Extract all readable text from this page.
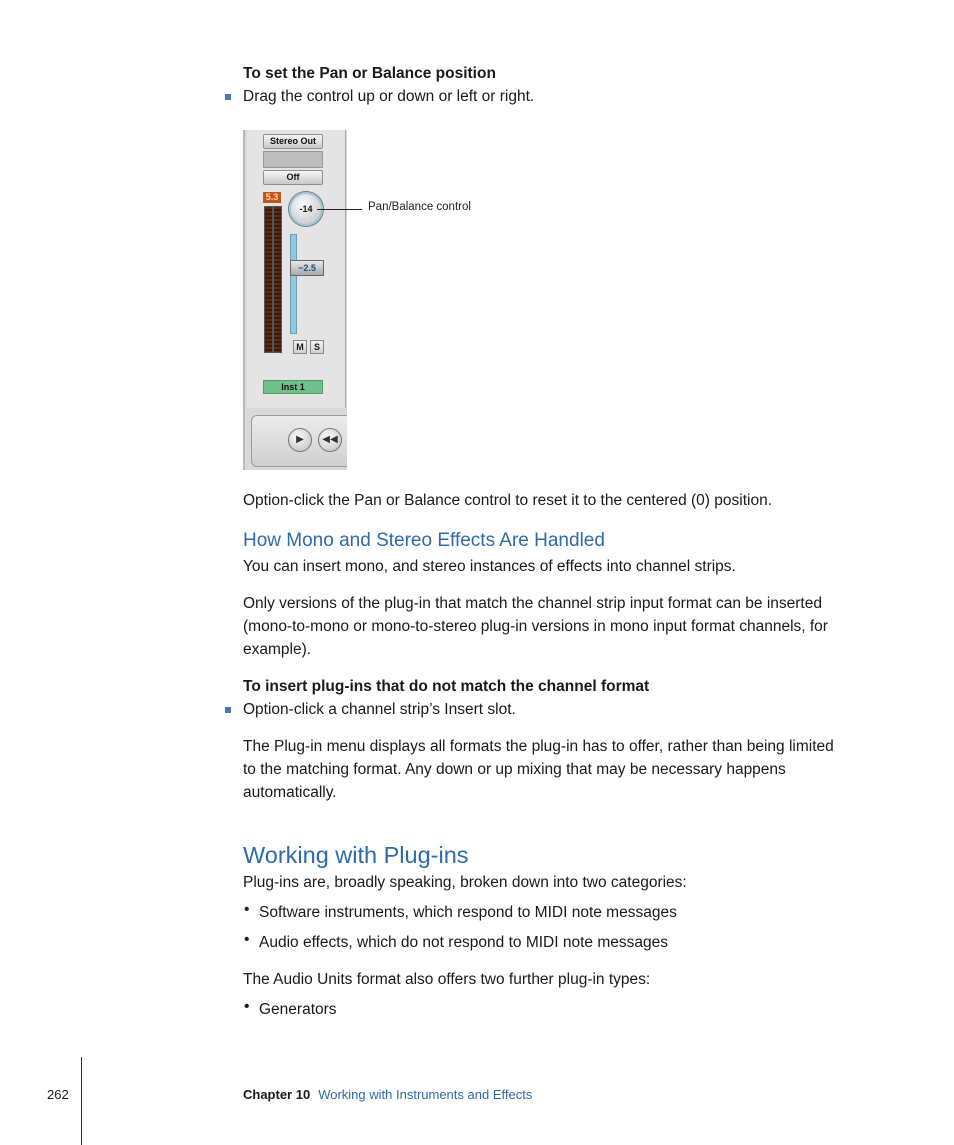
To set the Pan or Balance position
Drag the control up or down or left or right.
Stereo Out
Off
5.3
-14
−2.5
M	S
Inst 1
▶	◀◀
Pan/Balance control
Option-click the Pan or Balance control to reset it to the centered (0) position.
How Mono and Stereo Effects Are Handled
You can insert mono, and stereo instances of effects into channel strips.
Only versions of the plug-in that match the channel strip input format can be inserted
(mono-to-mono or mono-to-stereo plug-in versions in mono input format channels, for
example).
To insert plug-ins that do not match the channel format
Option-click a channel strip’s Insert slot.
The Plug-in menu displays all formats the plug-in has to offer, rather than being limited
to the matching format. Any down or up mixing that may be necessary happens
automatically.
Working with Plug-ins
Plug-ins are, broadly speaking, broken down into two categories:
• Software instruments, which respond to MIDI note messages
• Audio effects, which do not respond to MIDI note messages
The Audio Units format also offers two further plug-in types:
• Generators
262	Chapter 10 Working with Instruments and Effects
